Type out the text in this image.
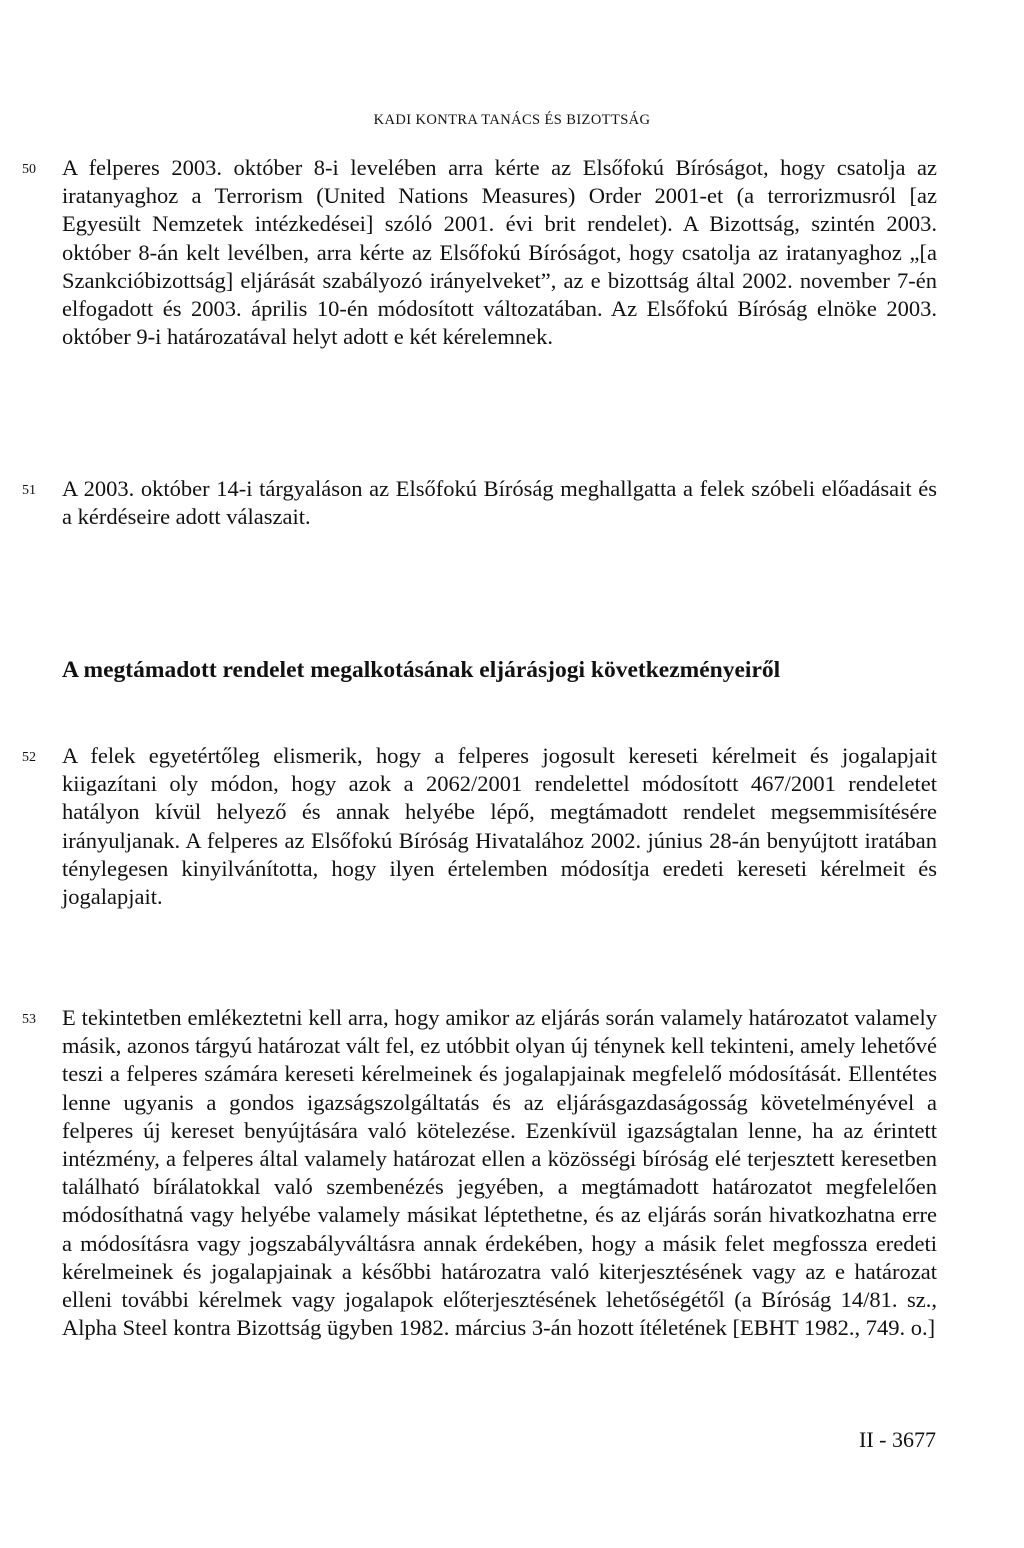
KADI KONTRA TANÁCS ÉS BIZOTTSÁG
50 A felperes 2003. október 8-i levelében arra kérte az Elsőfokú Bíróságot, hogy csatolja az iratanyaghoz a Terrorism (United Nations Measures) Order 2001-et (a terrorizmusról [az Egyesült Nemzetek intézkedései] szóló 2001. évi brit rendelet). A Bizottság, szintén 2003. október 8-án kelt levélben, arra kérte az Elsőfokú Bíróságot, hogy csatolja az iratanyaghoz „[a Szankcióbizottság] eljárását szabályozó irányelveket”, az e bizottság által 2002. november 7-én elfogadott és 2003. április 10-én módosított változatában. Az Elsőfokú Bíróság elnöke 2003. október 9-i határozatával helyt adott e két kérelemnek.

51 A 2003. október 14-i tárgyaláson az Elsőfokú Bíróság meghallgatta a felek szóbeli előadásait és a kérdéseire adott válaszait.

A megtámadott rendelet megalkotásának eljárásjogi következményeiről
52 A felek egyetértőleg elismerik, hogy a felperes jogosult kereseti kérelmeit és jogalapjait kiigazítani oly módon, hogy azok a 2062/2001 rendelettel módosított 467/2001 rendeletet hatályon kívül helyező és annak helyébe lépő, megtámadott rendelet megsemmisítésére irányuljanak. A felperes az Elsőfokú Bíróság Hivatalához 2002. június 28-án benyújtott iratában ténylegesen kinyilvánította, hogy ilyen értelemben módosítja eredeti kereseti kérelmeit és jogalapjait.

53 E tekintetben emlékeztetni kell arra, hogy amikor az eljárás során valamely határozatot valamely másik, azonos tárgyú határozat vált fel, ez utóbbit olyan új ténynek kell tekinteni, amely lehetővé teszi a felperes számára kereseti kérelmeinek és jogalapjainak megfelelő módosítását. Ellentétes lenne ugyanis a gondos igazságszolgáltatás és az eljárásgazdaságosság követelményével a felperes új kereset benyújtására való kötelezése. Ezenkívül igazságtalan lenne, ha az érintett intézmény, a felperes által valamely határozat ellen a közösségi bíróság elé terjesztett keresetben található bírálatokkal való szembenézés jegyében, a megtámadott határozatot megfelelően módosíthatná vagy helyébe valamely másikat léptethetne, és az eljárás során hivatkozhatna erre a módosításra vagy jogszabályváltásra annak érdekében, hogy a másik felet megfossza eredeti kérelmeinek és jogalapjainak a későbbi határozatra való kiterjesztésének vagy az e határozat elleni további kérelmek vagy jogalapok előterjesztésének lehetőségétől (a Bíróság 14/81. sz., Alpha Steel kontra Bizottság ügyben 1982. március 3-án hozott ítéletének [EBHT 1982., 749. o.]

II - 3677
